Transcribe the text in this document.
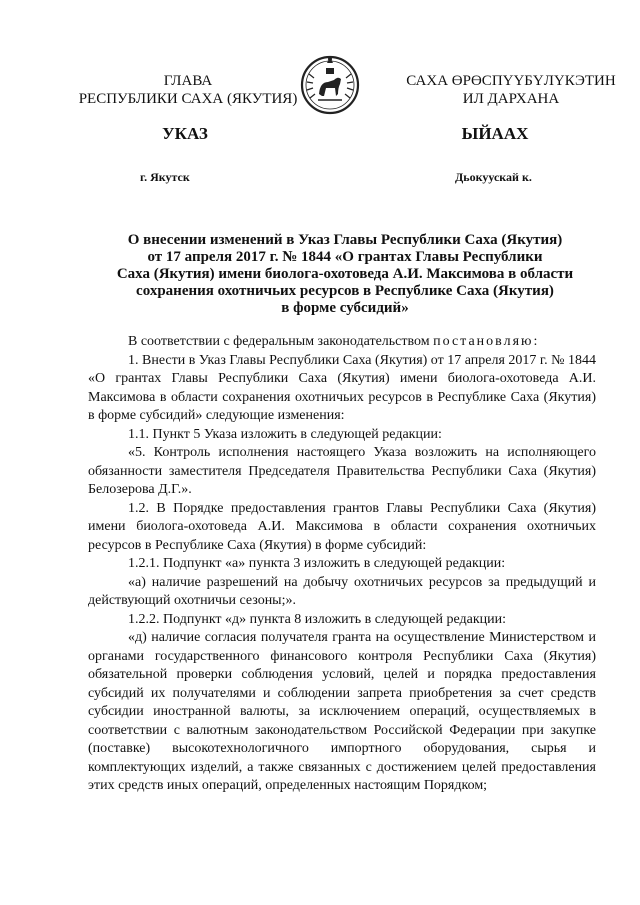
ГЛАВА
РЕСПУБЛИКИ САХА (ЯКУТИЯ)
САХА ӨРӨСПҮҮБҮЛҮКЭТИН
ИЛ ДАРХАНА
УКАЗ	ЫЙААХ
г. Якутск	Дьокуускай к.
О внесении изменений в Указ Главы Республики Саха (Якутия)
от 17 апреля 2017 г. № 1844 «О грантах Главы Республики
Саха (Якутия) имени биолога-охотоведа А.И. Максимова в области
сохранения охотничьих ресурсов в Республике Саха (Якутия)
в форме субсидий»

В соответствии с федеральным законодательством постановляю:

1. Внести в Указ Главы Республики Саха (Якутия) от 17 апреля 2017 г. № 1844 «О грантах Главы Республики Саха (Якутия) имени биолога-охотоведа А.И. Максимова в области сохранения охотничьих ресурсов в Республике Саха (Якутия) в форме субсидий» следующие изменения:

1.1. Пункт 5 Указа изложить в следующей редакции:

«5. Контроль исполнения настоящего Указа возложить на исполняющего обязанности заместителя Председателя Правительства Республики Саха (Якутия) Белозерова Д.Г.».

1.2. В Порядке предоставления грантов Главы Республики Саха (Якутия) имени биолога-охотоведа А.И. Максимова в области сохранения охотничьих ресурсов в Республике Саха (Якутия) в форме субсидий:

1.2.1. Подпункт «а» пункта 3 изложить в следующей редакции:

«а) наличие разрешений на добычу охотничьих ресурсов за предыдущий и действующий охотничьи сезоны;».

1.2.2. Подпункт «д» пункта 8 изложить в следующей редакции:

«д) наличие согласия получателя гранта на осуществление Министерством и органами государственного финансового контроля Республики Саха (Якутия) обязательной проверки соблюдения условий, целей и порядка предоставления субсидий их получателями и соблюдении запрета приобретения за счет средств субсидии иностранной валюты, за исключением операций, осуществляемых в соответствии с валютным законодательством Российской Федерации при закупке (поставке) высокотехнологичного импортного оборудования, сырья и комплектующих изделий, а также связанных с достижением целей предоставления этих средств иных операций, определенных настоящим Порядком;
